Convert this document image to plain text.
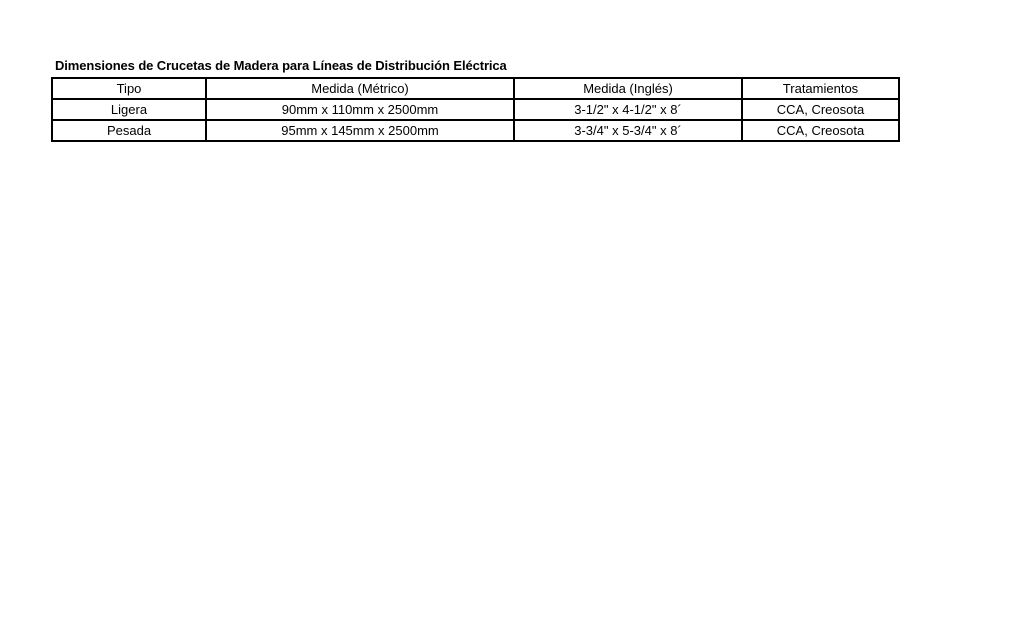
Dimensiones de Crucetas de Madera para Líneas de Distribución Eléctrica
Tipo	Medida (Métrico)	Medida (Inglés)	Tratamientos
Ligera	90mm x 110mm x 2500mm	3-1/2" x 4-1/2" x 8´	CCA, Creosota
Pesada	95mm x 145mm x 2500mm	3-3/4" x 5-3/4" x 8´	CCA, Creosota
